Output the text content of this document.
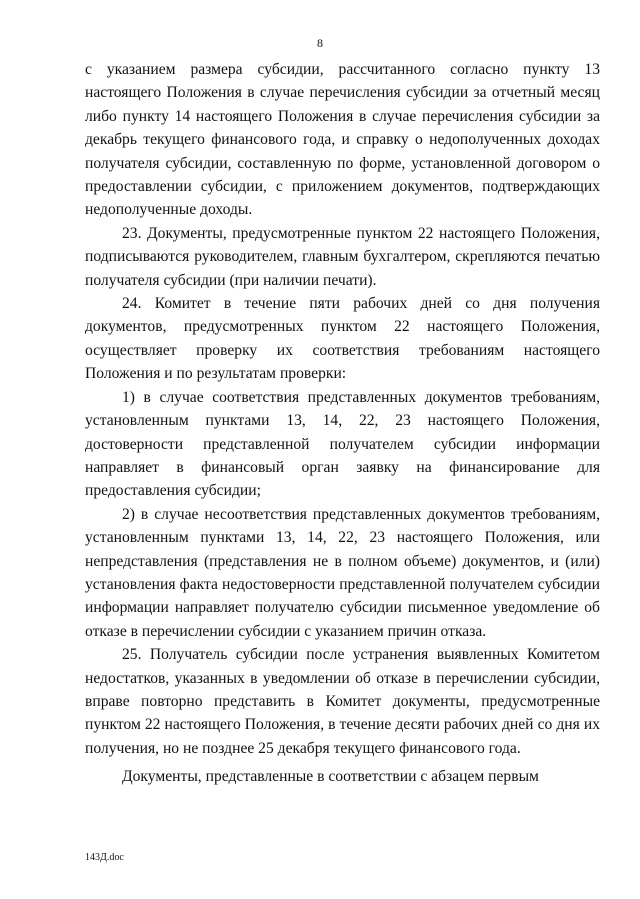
8

с указанием размера субсидии, рассчитанного согласно пункту 13 настоящего Положения в случае перечисления субсидии за отчетный месяц либо пункту 14 настоящего Положения в случае перечисления субсидии за декабрь текущего финансового года, и справку о недополученных доходах получателя субсидии, составленную по форме, установленной договором о предоставлении субсидии, с приложением документов, подтверждающих недополученные доходы.

23. Документы, предусмотренные пунктом 22 настоящего Положения, подписываются руководителем, главным бухгалтером, скрепляются печатью получателя субсидии (при наличии печати).

24. Комитет в течение пяти рабочих дней со дня получения документов, предусмотренных пунктом 22 настоящего Положения, осуществляет проверку их соответствия требованиям настоящего Положения и по результатам проверки:

1) в случае соответствия представленных документов требованиям, установленным пунктами 13, 14, 22, 23 настоящего Положения, достоверности представленной получателем субсидии информации направляет в финансовый орган заявку на финансирование для предоставления субсидии;

2) в случае несоответствия представленных документов требованиям, установленным пунктами 13, 14, 22, 23 настоящего Положения, или непредставления (представления не в полном объеме) документов, и (или) установления факта недостоверности представленной получателем субсидии информации направляет получателю субсидии письменное уведомление об отказе в перечислении субсидии с указанием причин отказа.

25. Получатель субсидии после устранения выявленных Комитетом недостатков, указанных в уведомлении об отказе в перечислении субсидии, вправе повторно представить в Комитет документы, предусмотренные пунктом 22 настоящего Положения, в течение десяти рабочих дней со дня их получения, но не позднее 25 декабря текущего финансового года.

Документы, представленные в соответствии с абзацем первым

143Д.doc
